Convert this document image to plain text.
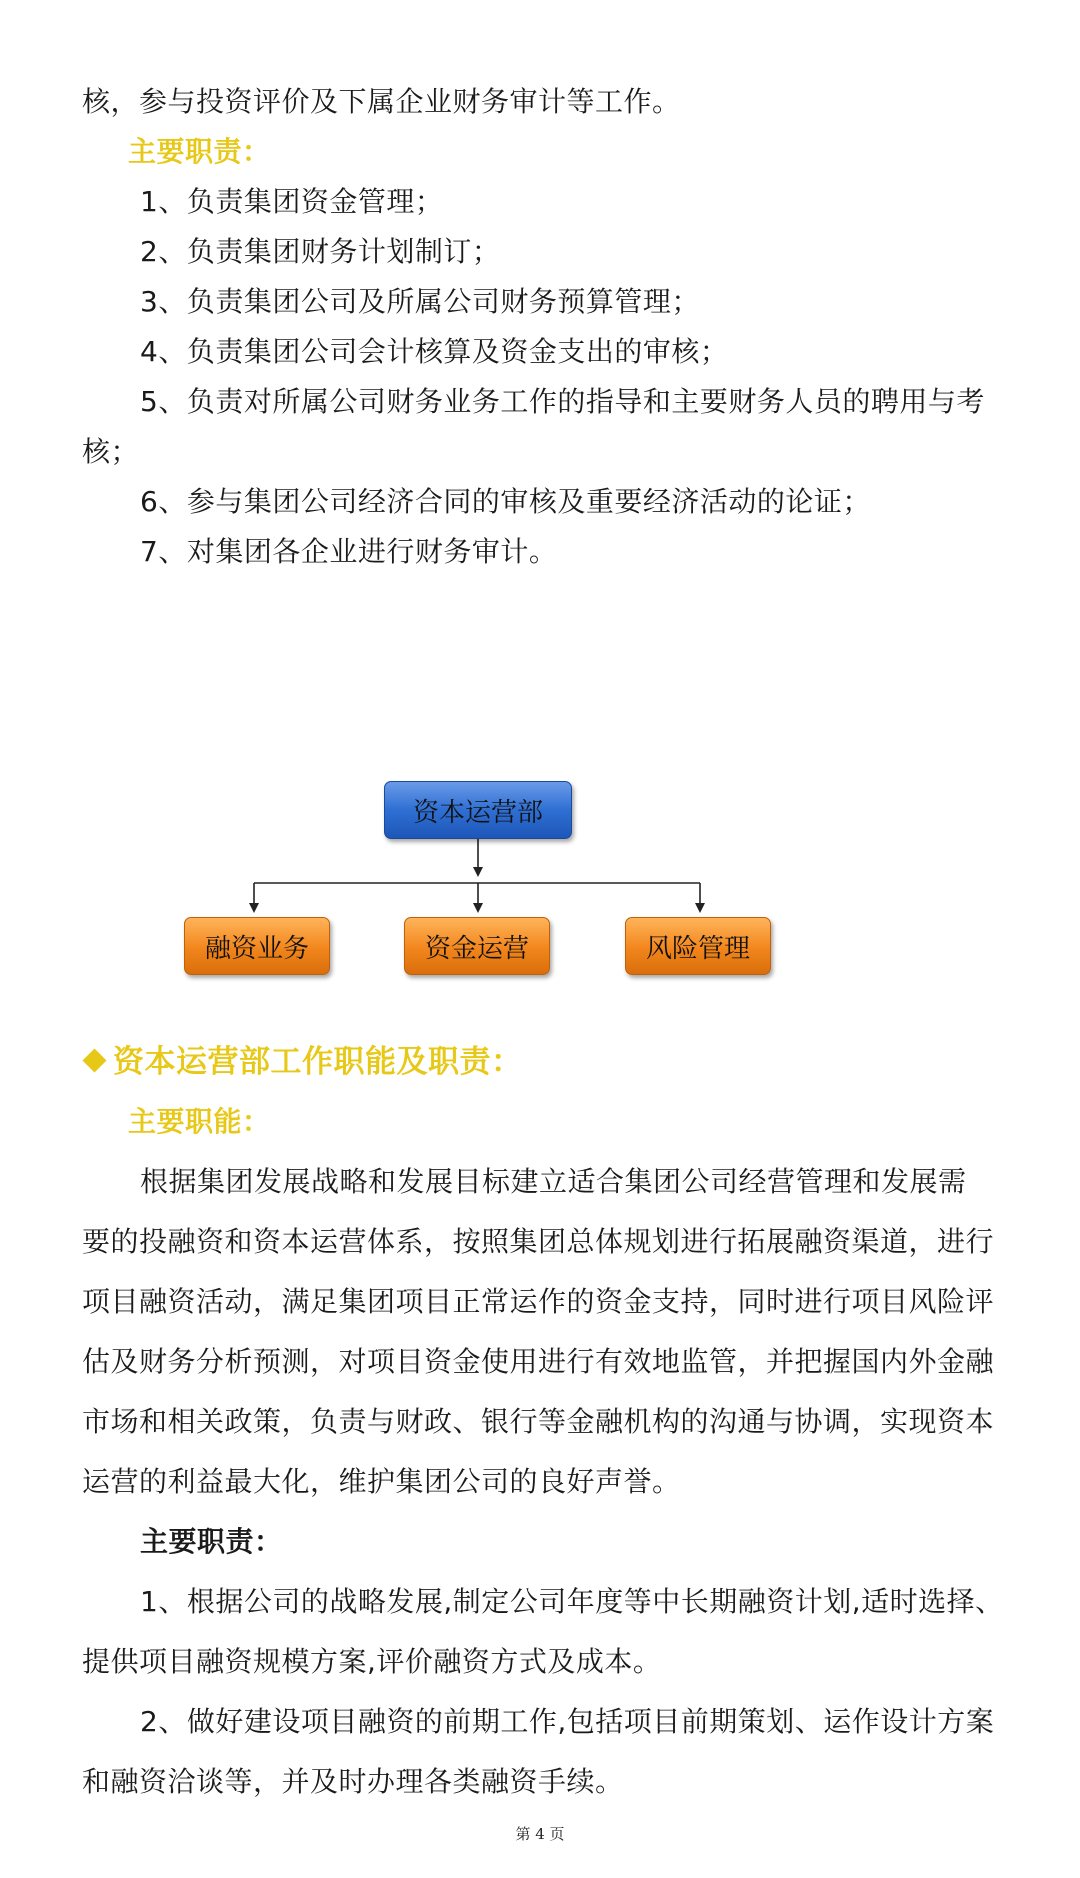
核，参与投资评价及下属企业财务审计等工作。
主要职责：
1、负责集团资金管理；
2、负责集团财务计划制订；
3、负责集团公司及所属公司财务预算管理；
4、负责集团公司会计核算及资金支出的审核；
5、负责对所属公司财务业务工作的指导和主要财务人员的聘用与考
核；
6、参与集团公司经济合同的审核及重要经济活动的论证；
7、对集团各企业进行财务审计。
资本运营部
融资业务	资金运营	风险管理
资本运营部工作职能及职责：
主要职能：
根据集团发展战略和发展目标建立适合集团公司经营管理和发展需
要的投融资和资本运营体系，按照集团总体规划进行拓展融资渠道，进行
项目融资活动，满足集团项目正常运作的资金支持，同时进行项目风险评
估及财务分析预测，对项目资金使用进行有效地监管，并把握国内外金融
市场和相关政策，负责与财政、银行等金融机构的沟通与协调，实现资本
运营的利益最大化，维护集团公司的良好声誉。
主要职责：
1、根据公司的战略发展,制定公司年度等中长期融资计划,适时选择、
提供项目融资规模方案,评价融资方式及成本。
2、做好建设项目融资的前期工作,包括项目前期策划、运作设计方案
和融资洽谈等，并及时办理各类融资手续。
第 4 页
